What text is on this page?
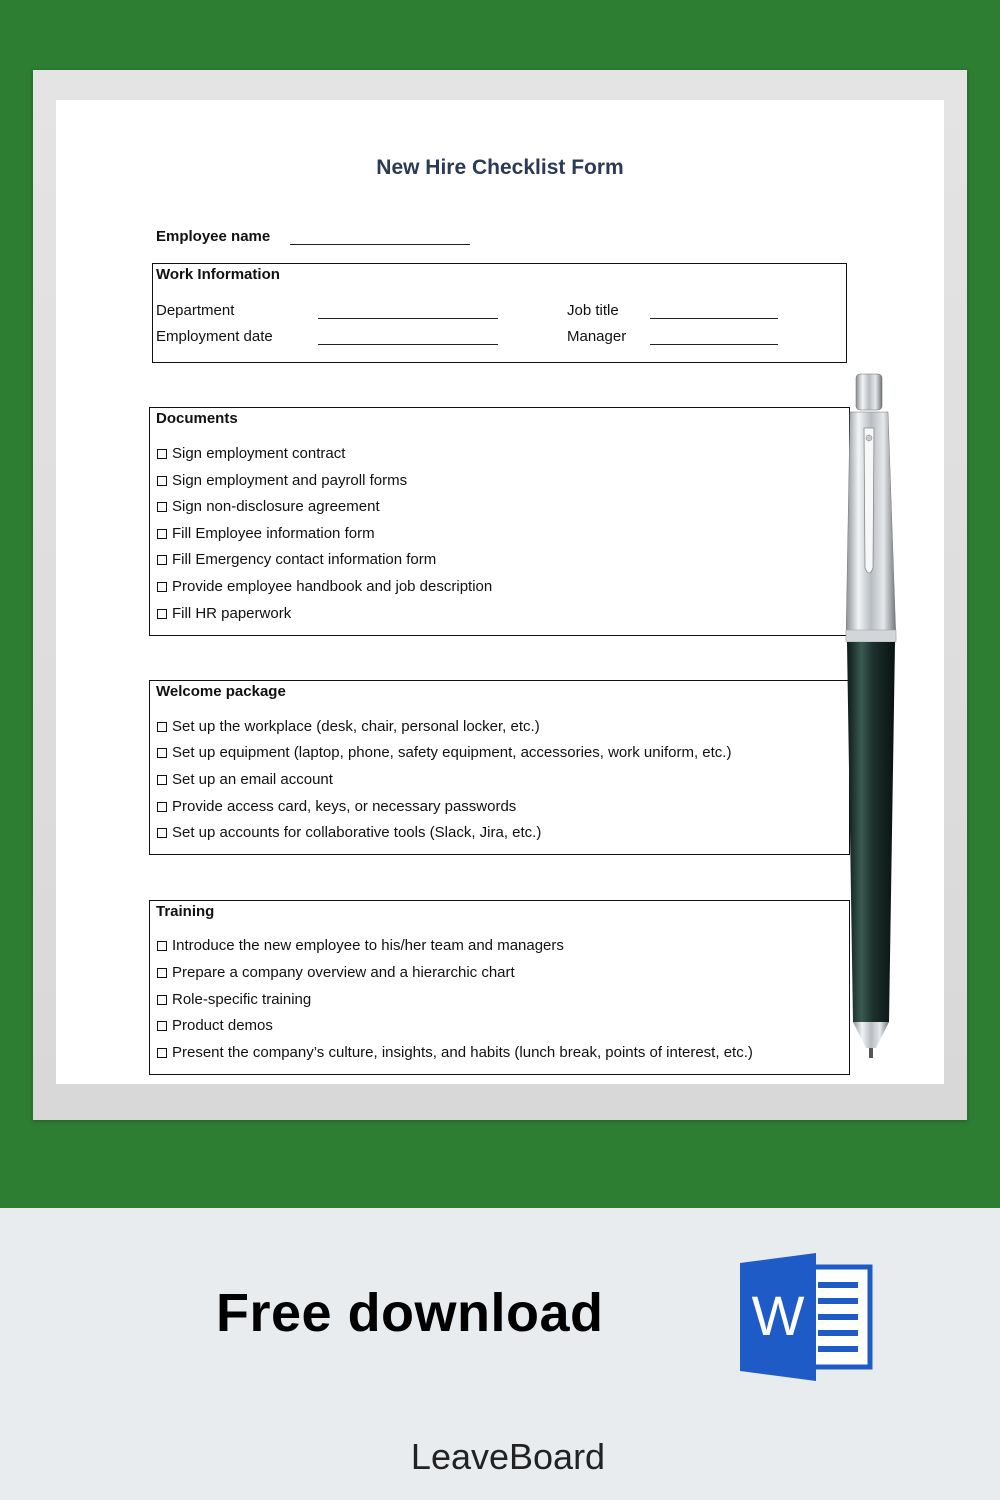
New Hire Checklist Form
Employee name
Work Information
Department
Employment date
Job title
Manager
Documents
Sign employment contract
Sign employment and payroll forms
Sign non-disclosure agreement
Fill Employee information form
Fill Emergency contact information form
Provide employee handbook and job description
Fill HR paperwork
Welcome package
Set up the workplace (desk, chair, personal locker, etc.)
Set up equipment (laptop, phone, safety equipment, accessories, work uniform, etc.)
Set up an email account
Provide access card, keys, or necessary passwords
Set up accounts for collaborative tools (Slack, Jira, etc.)
Training
Introduce the new employee to his/her team and managers
Prepare a company overview and a hierarchic chart
Role-specific training
Product demos
Present the company’s culture, insights, and habits (lunch break, points of interest, etc.)
Free download	W
LeaveBoard
